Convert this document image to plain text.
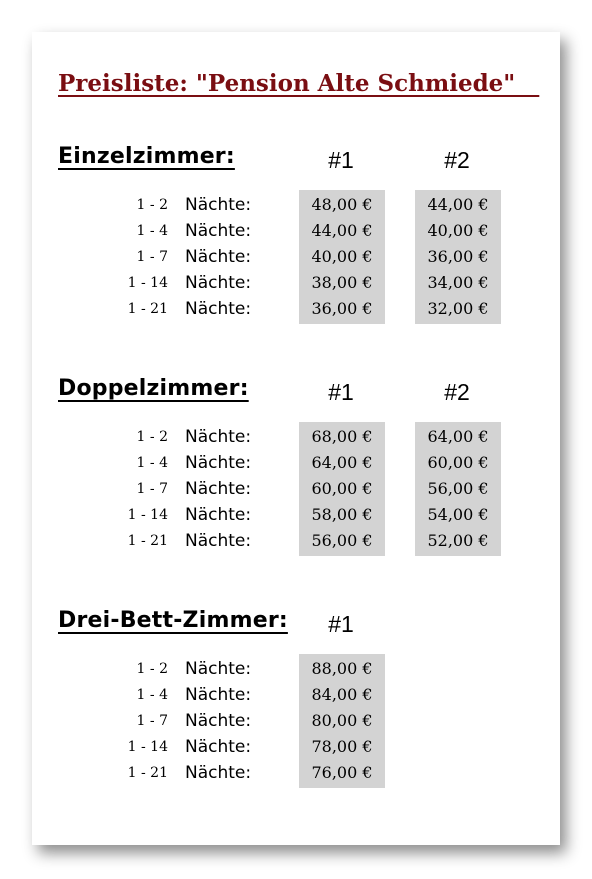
Preisliste: "Pension Alte Schmiede"
Einzelzimmer:	#1	#2
1 - 2 Nächte:	48,00 €	44,00 €
1 - 4 Nächte:	44,00 €	40,00 €
1 - 7 Nächte:	40,00 €	36,00 €
1 - 14 Nächte:	38,00 €	34,00 €
1 - 21 Nächte:	36,00 €	32,00 €
Doppelzimmer:	#1	#2
1 - 2 Nächte:	68,00 €	64,00 €
1 - 4 Nächte:	64,00 €	60,00 €
1 - 7 Nächte:	60,00 €	56,00 €
1 - 14 Nächte:	58,00 €	54,00 €
1 - 21 Nächte:	56,00 €	52,00 €
Drei-Bett-Zimmer:	#1
1 - 2 Nächte:	88,00 €
1 - 4 Nächte:	84,00 €
1 - 7 Nächte:	80,00 €
1 - 14 Nächte:	78,00 €
1 - 21 Nächte:	76,00 €
